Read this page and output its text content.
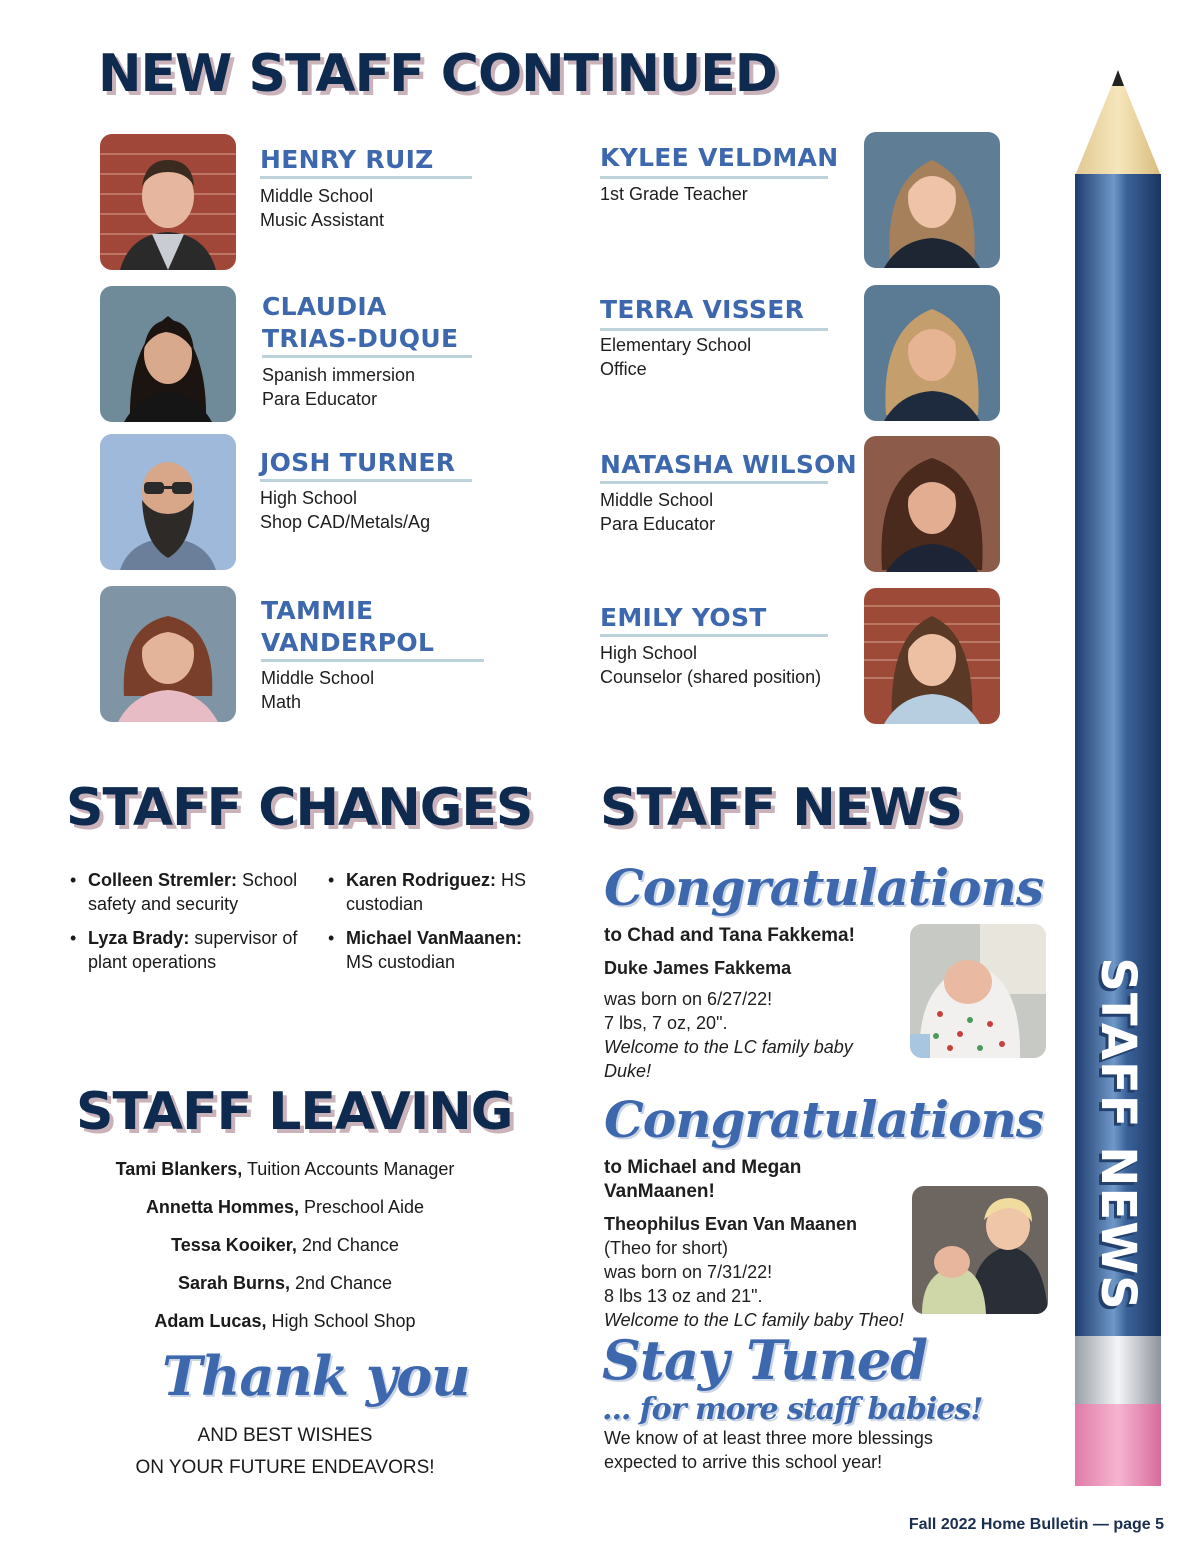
NEW STAFF CONTINUED
STAFF CHANGES STAFF NEWS
STAFF LEAVING
HENRY RUIZ
Middle School
Music Assistant
CLAUDIA
TRIAS-DUQUE
Spanish immersion
Para Educator
JOSH TURNER
High School
Shop CAD/Metals/Ag
TAMMIE
VANDERPOL
Middle School
Math
KYLEE VELDMAN
1st Grade Teacher
TERRA VISSER
Elementary School
Office
NATASHA WILSON
Middle School
Para Educator
EMILY YOST
High School
Counselor (shared position)
• Colleen Stremler: School safety and security
• Lyza Brady: supervisor of plant operations
• Karen Rodriguez: HS custodian
• Michael VanMaanen: MS custodian
Tami Blankers, Tuition Accounts Manager
Annetta Hommes, Preschool Aide
Tessa Kooiker, 2nd Chance
Sarah Burns, 2nd Chance
Adam Lucas, High School Shop
Thank you
AND BEST WISHES
ON YOUR FUTURE ENDEAVORS!
Congratulations
to Chad and Tana Fakkema!
Duke James Fakkema
was born on 6/27/22!
7 lbs, 7 oz, 20".
Welcome to the LC family baby Duke!
Congratulations
to Michael and Megan VanMaanen!
Theophilus Evan Van Maanen
(Theo for short)
was born on 7/31/22!
8 lbs 13 oz and 21".
Welcome to the LC family baby Theo!
Stay Tuned
... for more staff babies!
We know of at least three more blessings
expected to arrive this school year!
STAFF NEWS
Fall 2022 Home Bulletin — page 5
